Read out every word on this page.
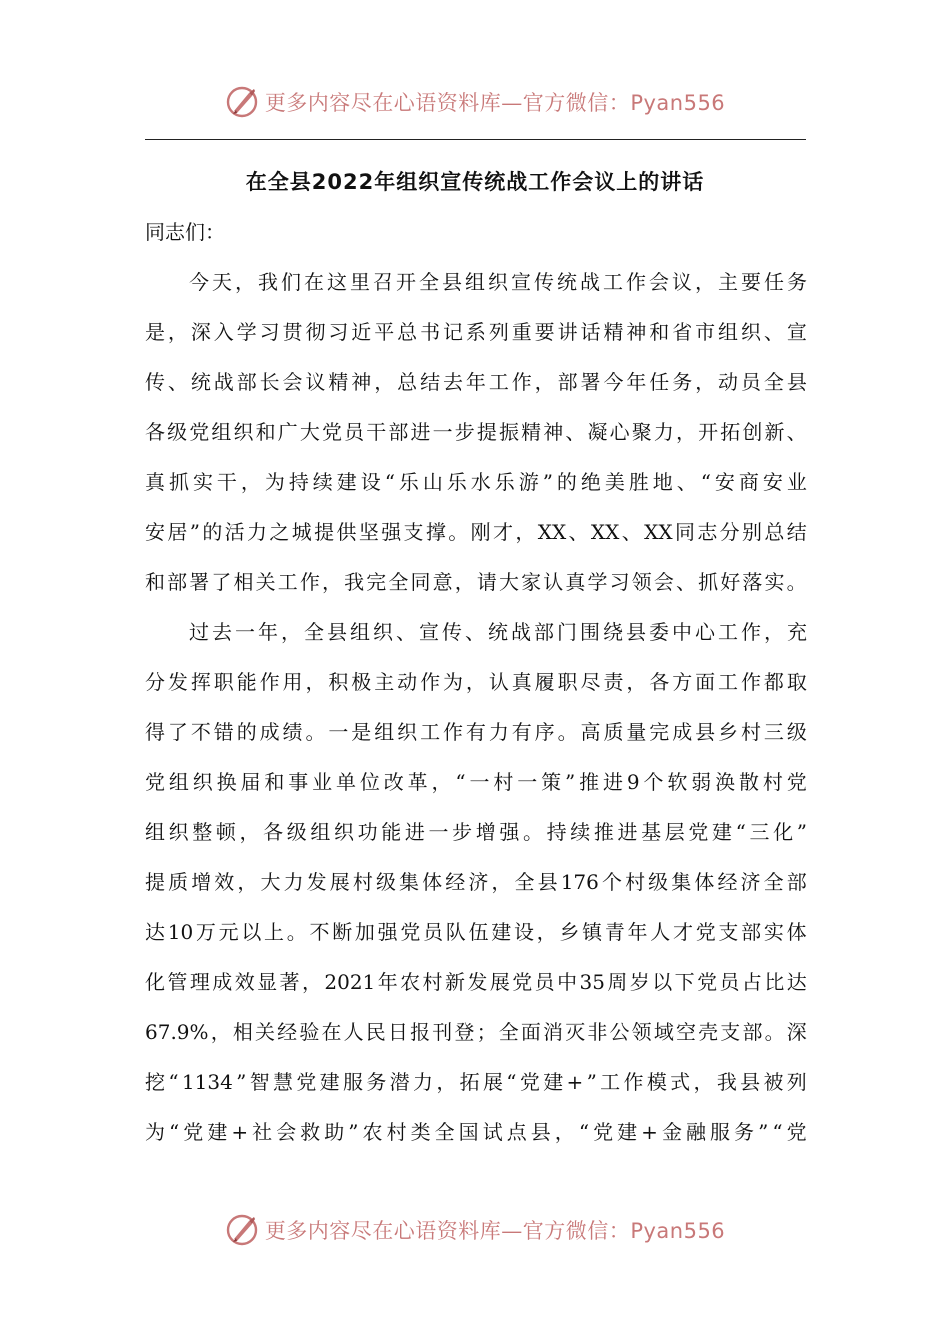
更多内容尽在心语资料库—官方微信：Pyan556
在全县2022年组织宣传统战工作会议上的讲话
同志们：
今 天 ， 我 们 在 这 里 召 开 全 县 组 织 宣 传 统 战 工 作 会 议 ， 主 要 任 务
是 ， 深 入 学 习 贯 彻 习 近 平 总 书 记 系 列 重 要 讲 话 精 神 和 省 市 组 织 、 宣
传 、 统 战 部 长 会 议 精 神 ， 总 结 去 年 工 作 ， 部 署 今 年 任 务 ， 动 员 全 县
各 级 党 组 织 和 广 大 党 员 干 部 进 一 步 提 振 精 神 、 凝 心 聚 力 ， 开 拓 创 新 、
真 抓 实 干 ， 为 持 续 建 设 “ 乐 山 乐 水 乐 游 ” 的 绝 美 胜 地 、 “ 安 商 安 业
安 居 ” 的 活 力 之 城 提 供 坚 强 支 撑 。 刚 才 ， XX 、 XX 、 XX 同 志 分 别 总 结
和 部 署 了 相 关 工 作 ， 我 完 全 同 意 ， 请 大 家 认 真 学 习 领 会 、 抓 好 落 实 。
过 去 一 年 ， 全 县 组 织 、 宣 传 、 统 战 部 门 围 绕 县 委 中 心 工 作 ， 充
分 发 挥 职 能 作 用 ， 积 极 主 动 作 为 ， 认 真 履 职 尽 责 ， 各 方 面 工 作 都 取
得 了 不 错 的 成 绩 。 一 是 组 织 工 作 有 力 有 序 。 高 质 量 完 成 县 乡 村 三 级
党 组 织 换 届 和 事 业 单 位 改 革 ， “ 一 村 一 策 ” 推 进 9 个 软 弱 涣 散 村 党
组 织 整 顿 ， 各 级 组 织 功 能 进 一 步 增 强 。 持 续 推 进 基 层 党 建 “ 三 化 ”
提 质 增 效 ， 大 力 发 展 村 级 集 体 经 济 ， 全 县 176 个 村 级 集 体 经 济 全 部
达 10 万 元 以 上 。 不 断 加 强 党 员 队 伍 建 设 ， 乡 镇 青 年 人 才 党 支 部 实 体
化 管 理 成 效 显 著 ， 2021 年 农 村 新 发 展 党 员 中 35 周 岁 以 下 党 员 占 比 达
67.9% ， 相 关 经 验 在 人 民 日 报 刊 登 ； 全 面 消 灭 非 公 领 域 空 壳 支 部 。 深
挖 “ 1134 ” 智 慧 党 建 服 务 潜 力 ， 拓 展 “ 党 建 + ” 工 作 模 式 ， 我 县 被 列
为 “ 党 建 + 社 会 救 助 ” 农 村 类 全 国 试 点 县 ， “ 党 建 + 金 融 服 务 ” “ 党
更多内容尽在心语资料库—官方微信：Pyan556
